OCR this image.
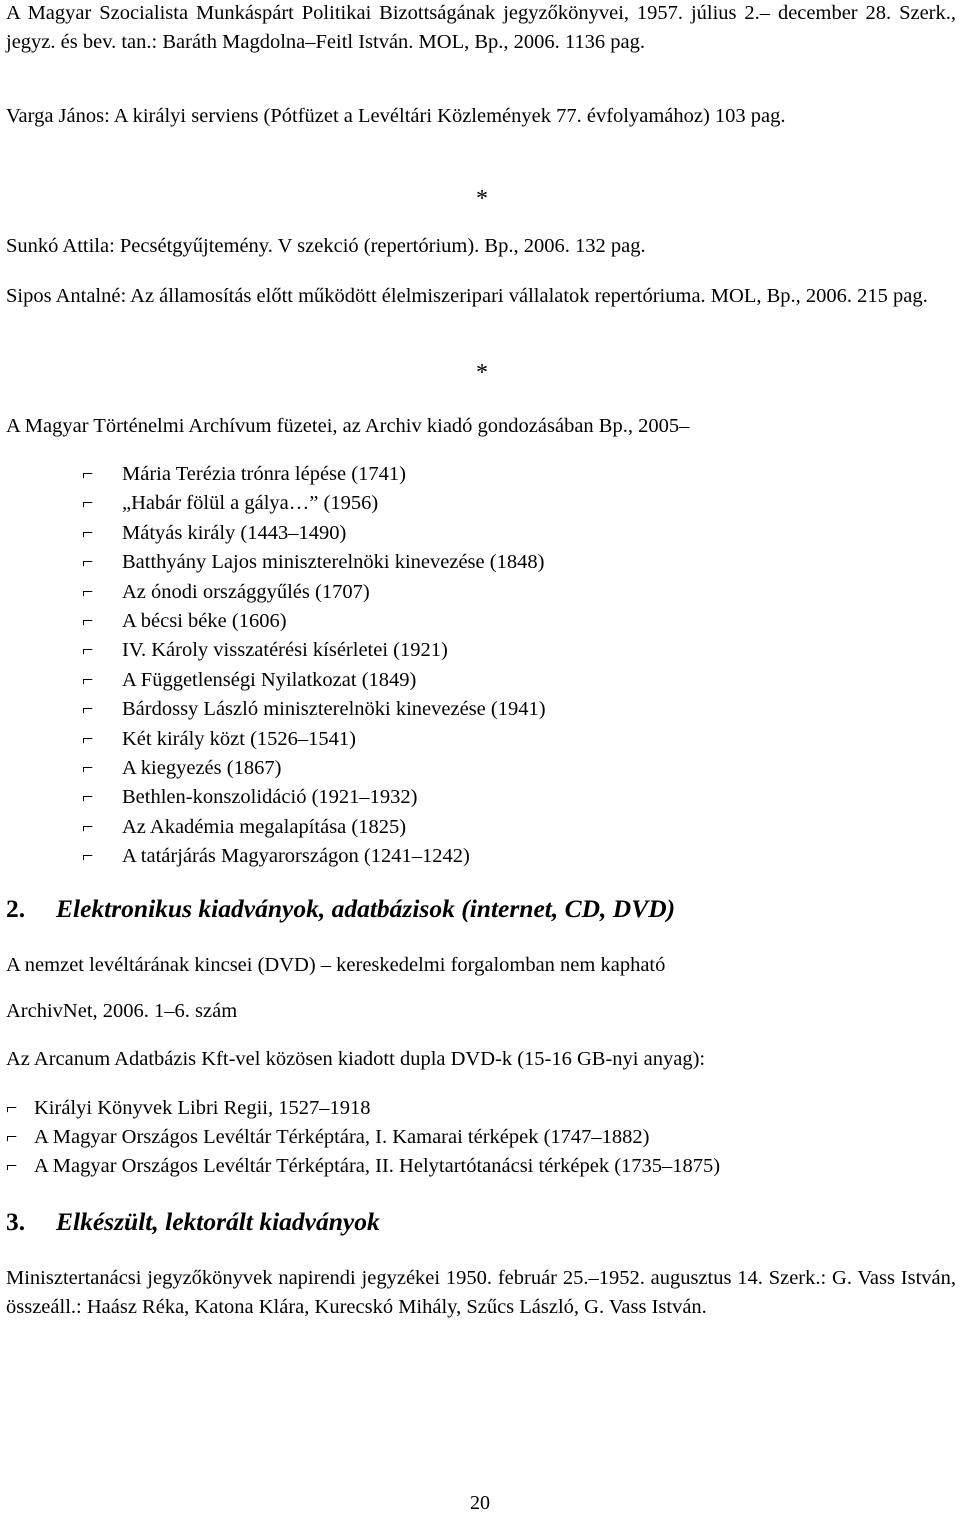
A Magyar Szocialista Munkáspárt Politikai Bizottságának jegyzőkönyvei, 1957. július 2.– december 28. Szerk., jegyz. és bev. tan.: Baráth Magdolna–Feitl István. MOL, Bp., 2006. 1136 pag.
Varga János: A királyi serviens (Pótfüzet a Levéltári Közlemények 77. évfolyamához) 103 pag.
*
Sunkó Attila: Pecsétgyűjtemény. V szekció (repertórium). Bp., 2006. 132 pag.
Sipos Antalné: Az államosítás előtt működött élelmiszeripari vállalatok repertóriuma. MOL, Bp., 2006. 215 pag.
*
A Magyar Történelmi Archívum füzetei, az Archiv kiadó gondozásában Bp., 2005–
⌐ Mária Terézia trónra lépése (1741)
⌐ „Habár fölül a gálya…” (1956)
⌐ Mátyás király (1443–1490)
⌐ Batthyány Lajos miniszterelnöki kinevezése (1848)
⌐ Az ónodi országgyűlés (1707)
⌐ A bécsi béke (1606)
⌐ IV. Károly visszatérési kísérletei (1921)
⌐ A Függetlenségi Nyilatkozat (1849)
⌐ Bárdossy László miniszterelnöki kinevezése (1941)
⌐ Két király közt (1526–1541)
⌐ A kiegyezés (1867)
⌐ Bethlen-konszolidáció (1921–1932)
⌐ Az Akadémia megalapítása (1825)
⌐ A tatárjárás Magyarországon (1241–1242)
2. Elektronikus kiadványok, adatbázisok (internet, CD, DVD)
A nemzet levéltárának kincsei (DVD) – kereskedelmi forgalomban nem kapható
ArchivNet, 2006. 1–6. szám
Az Arcanum Adatbázis Kft-vel közösen kiadott dupla DVD-k (15-16 GB-nyi anyag):
⌐ Királyi Könyvek Libri Regii, 1527–1918
⌐ A Magyar Országos Levéltár Térképtára, I. Kamarai térképek (1747–1882)
⌐ A Magyar Országos Levéltár Térképtára, II. Helytartótanácsi térképek (1735–1875)
3. Elkészült, lektorált kiadványok
Minisztertanácsi jegyzőkönyvek napirendi jegyzékei 1950. február 25.–1952. augusztus 14. Szerk.: G. Vass István, összeáll.: Haász Réka, Katona Klára, Kurecskó Mihály, Szűcs László, G. Vass István.
20
